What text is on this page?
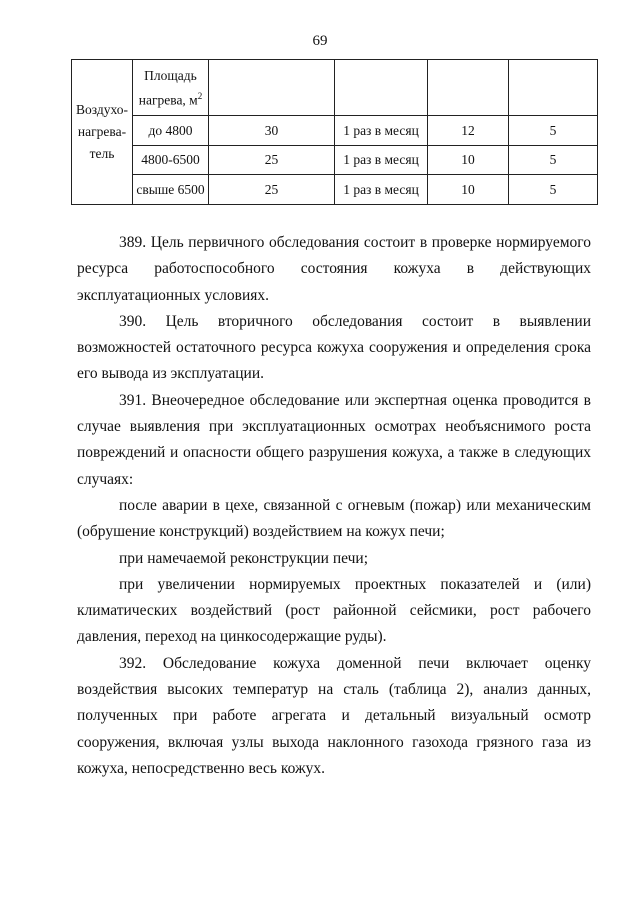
69
Воздухо-
нагрева-
тель	Площадь нагрева, $м^2$				
	до 4800	30	1 раз в месяц	12	5
	4800-6500	25	1 раз в месяц	10	5
	свыше 6500	25	1 раз в месяц	10	5

389. Цель первичного обследования состоит в проверке нормируемого ресурса работоспособного состояния кожуха в действующих эксплуатационных условиях.

390. Цель вторичного обследования состоит в выявлении возможностей остаточного ресурса кожуха сооружения и определения срока его вывода из эксплуатации.

391. Внеочередное обследование или экспертная оценка проводится в случае выявления при эксплуатационных осмотрах необъяснимого роста повреждений и опасности общего разрушения кожуха, а также в следующих случаях:

после аварии в цехе, связанной с огневым (пожар) или механическим (обрушение конструкций) воздействием на кожух печи;

при намечаемой реконструкции печи;

при увеличении нормируемых проектных показателей и (или) климатических воздействий (рост районной сейсмики, рост рабочего давления, переход на цинкосодержащие руды).

392. Обследование кожуха доменной печи включает оценку воздействия высоких температур на сталь (таблица 2), анализ данных, полученных при работе агрегата и детальный визуальный осмотр сооружения, включая узлы выхода наклонного газохода грязного газа из кожуха, непосредственно весь кожух.
